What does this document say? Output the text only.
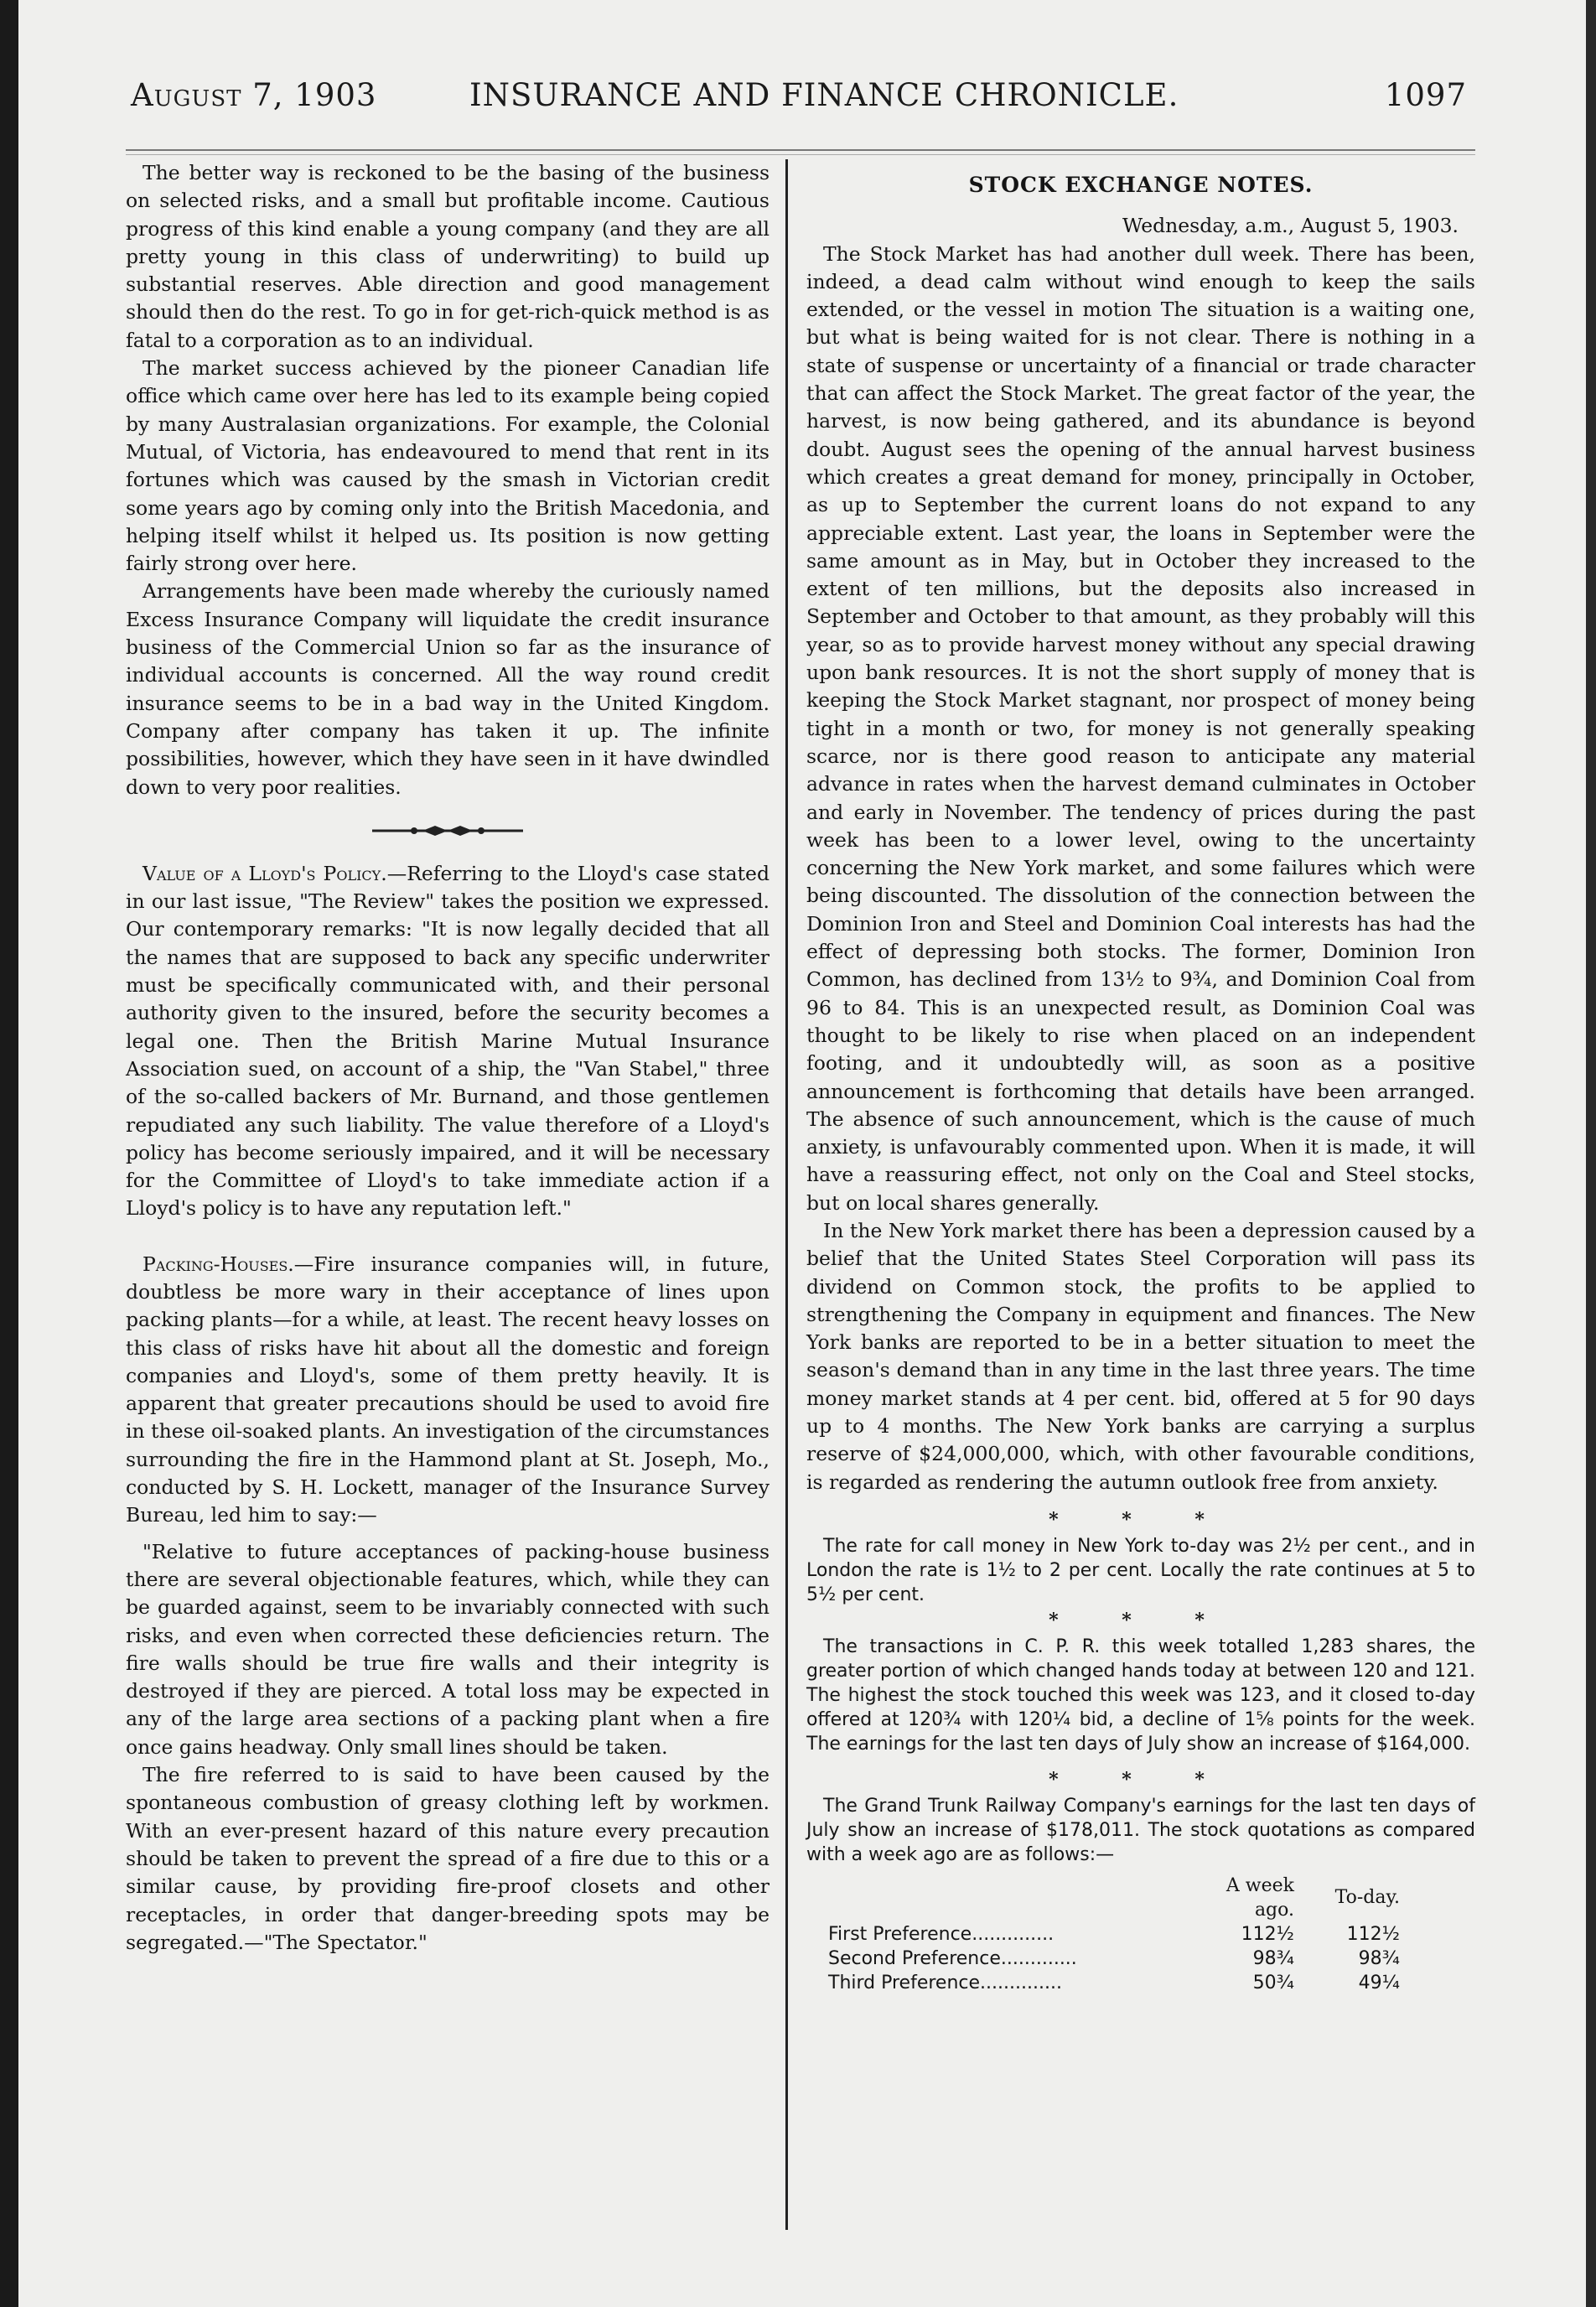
August 7, 1903	INSURANCE AND FINANCE CHRONICLE.	1097

The better way is reckoned to be the basing of the business on selected risks, and a small but profitable income. Cautious progress of this kind enable a young company (and they are all pretty young in this class of underwriting) to build up substantial reserves. Able direction and good management should then do the rest. To go in for get-rich-quick method is as fatal to a corporation as to an individual.

The market success achieved by the pioneer Canadian life office which came over here has led to its example being copied by many Australasian organizations. For example, the Colonial Mutual, of Victoria, has endeavoured to mend that rent in its fortunes which was caused by the smash in Victorian credit some years ago by coming only into the British Macedonia, and helping itself whilst it helped us. Its position is now getting fairly strong over here.

Arrangements have been made whereby the curiously named Excess Insurance Company will liquidate the credit insurance business of the Commercial Union so far as the insurance of individual accounts is concerned. All the way round credit insurance seems to be in a bad way in the United Kingdom. Company after company has taken it up. The infinite possibilities, however, which they have seen in it have dwindled down to very poor realities.

Value of a Lloyd's Policy.—Referring to the Lloyd's case stated in our last issue, "The Review" takes the position we expressed. Our contemporary remarks: "It is now legally decided that all the names that are supposed to back any specific underwriter must be specifically communicated with, and their personal authority given to the insured, before the security becomes a legal one. Then the British Marine Mutual Insurance Association sued, on account of a ship, the "Van Stabel," three of the so-called backers of Mr. Burnand, and those gentlemen repudiated any such liability. The value therefore of a Lloyd's policy has become seriously impaired, and it will be necessary for the Committee of Lloyd's to take immediate action if a Lloyd's policy is to have any reputation left."

Packing-Houses.—Fire insurance companies will, in future, doubtless be more wary in their acceptance of lines upon packing plants—for a while, at least. The recent heavy losses on this class of risks have hit about all the domestic and foreign companies and Lloyd's, some of them pretty heavily. It is apparent that greater precautions should be used to avoid fire in these oil-soaked plants. An investigation of the circumstances surrounding the fire in the Hammond plant at St. Joseph, Mo., conducted by S. H. Lockett, manager of the Insurance Survey Bureau, led him to say:—

"Relative to future acceptances of packing-house business there are several objectionable features, which, while they can be guarded against, seem to be invariably connected with such risks, and even when corrected these deficiencies return. The fire walls should be true fire walls and their integrity is destroyed if they are pierced. A total loss may be expected in any of the large area sections of a packing plant when a fire once gains headway. Only small lines should be taken.

The fire referred to is said to have been caused by the spontaneous combustion of greasy clothing left by workmen. With an ever-present hazard of this nature every precaution should be taken to prevent the spread of a fire due to this or a similar cause, by providing fire-proof closets and other receptacles, in order that danger-breeding spots may be segregated.—"The Spectator."

STOCK EXCHANGE NOTES.
Wednesday, a.m., August 5, 1903.

The Stock Market has had another dull week. There has been, indeed, a dead calm without wind enough to keep the sails extended, or the vessel in motion The situation is a waiting one, but what is being waited for is not clear. There is nothing in a state of suspense or uncertainty of a financial or trade character that can affect the Stock Market. The great factor of the year, the harvest, is now being gathered, and its abundance is beyond doubt. August sees the opening of the annual harvest business which creates a great demand for money, principally in October, as up to September the current loans do not expand to any appreciable extent. Last year, the loans in September were the same amount as in May, but in October they increased to the extent of ten millions, but the deposits also increased in September and October to that amount, as they probably will this year, so as to provide harvest money without any special drawing upon bank resources. It is not the short supply of money that is keeping the Stock Market stagnant, nor prospect of money being tight in a month or two, for money is not generally speaking scarce, nor is there good reason to anticipate any material advance in rates when the harvest demand culminates in October and early in November. The tendency of prices during the past week has been to a lower level, owing to the uncertainty concerning the New York market, and some failures which were being discounted. The dissolution of the connection between the Dominion Iron and Steel and Dominion Coal interests has had the effect of depressing both stocks. The former, Dominion Iron Common, has declined from 13½ to 9¾, and Dominion Coal from 96 to 84. This is an unexpected result, as Dominion Coal was thought to be likely to rise when placed on an independent footing, and it undoubtedly will, as soon as a positive announcement is forthcoming that details have been arranged. The absence of such announcement, which is the cause of much anxiety, is unfavourably commented upon. When it is made, it will have a reassuring effect, not only on the Coal and Steel stocks, but on local shares generally.

In the New York market there has been a depression caused by a belief that the United States Steel Corporation will pass its dividend on Common stock, the profits to be applied to strengthening the Company in equipment and finances. The New York banks are reported to be in a better situation to meet the season's demand than in any time in the last three years. The time money market stands at 4 per cent. bid, offered at 5 for 90 days up to 4 months. The New York banks are carrying a surplus reserve of $24,000,000, which, with other favourable conditions, is regarded as rendering the autumn outlook free from anxiety.

* * *

The rate for call money in New York to-day was 2½ per cent., and in London the rate is 1½ to 2 per cent. Locally the rate continues at 5 to 5½ per cent.

* * *

The transactions in C. P. R. this week totalled 1,283 shares, the greater portion of which changed hands today at between 120 and 121. The highest the stock touched this week was 123, and it closed to-day offered at 120¾ with 120¼ bid, a decline of 1⅝ points for the week. The earnings for the last ten days of July show an increase of $164,000.

* * *

The Grand Trunk Railway Company's earnings for the last ten days of July show an increase of $178,011. The stock quotations as compared with a week ago are as follows:—

	A week ago.	To-day.
First Preference..............	112½	112½
Second Preference.............	98¾	98¾
Third Preference..............	50¾	49¼
